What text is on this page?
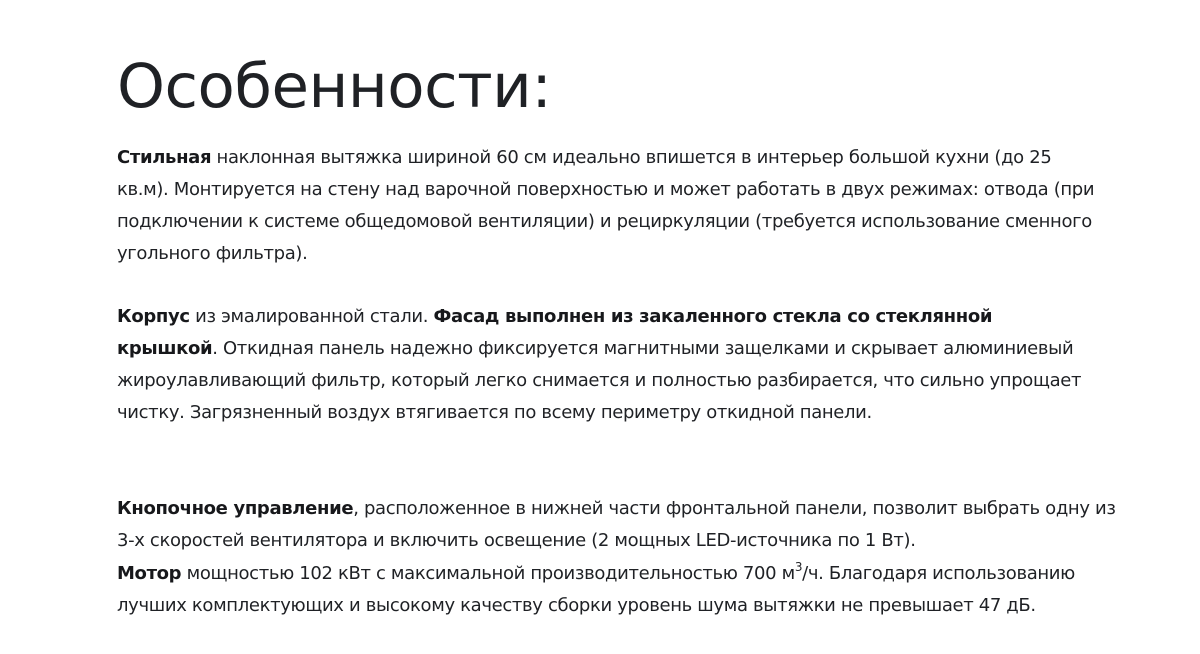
Особенности:
Стильная наклонная вытяжка шириной 60 см идеально впишется в интерьер большой кухни (до 25
кв.м). Монтируется на стену над варочной поверхностью и может работать в двух режимах: отвода (при
подключении к системе общедомовой вентиляции) и рециркуляции (требуется использование сменного
угольного фильтра).
Корпус из эмалированной стали. Фасад выполнен из закаленного стекла со стеклянной
крышкой. Откидная панель надежно фиксируется магнитными защелками и скрывает алюминиевый
жироулавливающий фильтр, который легко снимается и полностью разбирается, что сильно упрощает
чистку. Загрязненный воздух втягивается по всему периметру откидной панели.
Кнопочное управление, расположенное в нижней части фронтальной панели, позволит выбрать одну из
3-х скоростей вентилятора и включить освещение (2 мощных LED-источника по 1 Вт).
Мотор мощностью 102 кВт с максимальной производительностью 700 $м^3/ч$. Благодаря использованию
лучших комплектующих и высокому качеству сборки уровень шума вытяжки не превышает 47 дБ.
